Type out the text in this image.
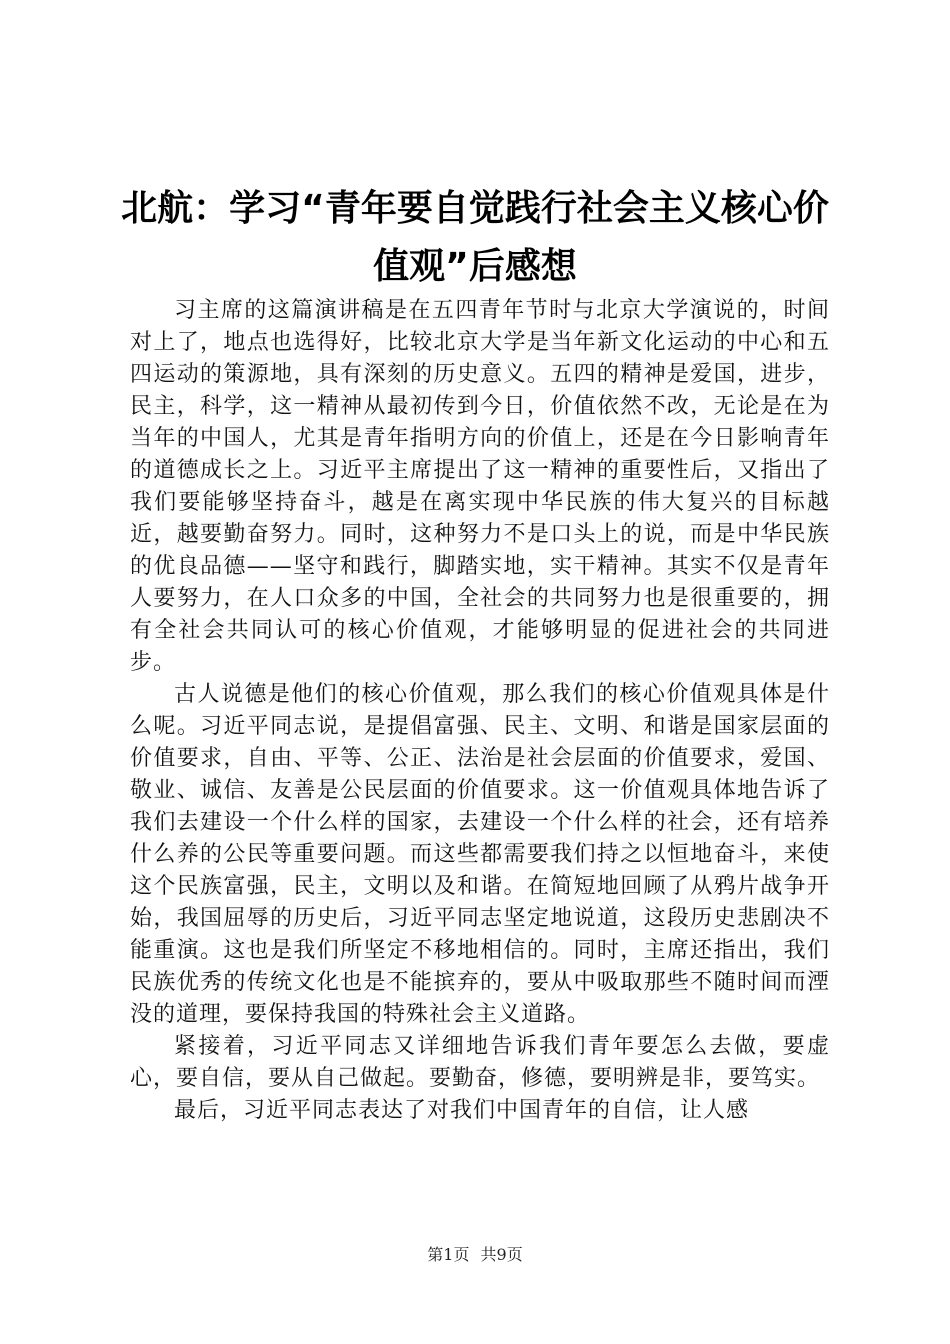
北航：学习“青年要自觉践行社会主义核心价值观”后感想

习主席的这篇演讲稿是在五四青年节时与北京大学演说的，时间对上了，地点也选得好，比较北京大学是当年新文化运动的中心和五四运动的策源地，具有深刻的历史意义。五四的精神是爱国，进步，民主，科学，这一精神从最初传到今日，价值依然不改，无论是在为当年的中国人，尤其是青年指明方向的价值上，还是在今日影响青年的道德成长之上。习近平主席提出了这一精神的重要性后，又指出了我们要能够坚持奋斗，越是在离实现中华民族的伟大复兴的目标越近，越要勤奋努力。同时，这种努力不是口头上的说，而是中华民族的优良品德——坚守和践行，脚踏实地，实干精神。其实不仅是青年人要努力，在人口众多的中国，全社会的共同努力也是很重要的，拥有全社会共同认可的核心价值观，才能够明显的促进社会的共同进步。

古人说德是他们的核心价值观，那么我们的核心价值观具体是什么呢。习近平同志说，是提倡富强、民主、文明、和谐是国家层面的价值要求，自由、平等、公正、法治是社会层面的价值要求，爱国、敬业、诚信、友善是公民层面的价值要求。这一价值观具体地告诉了我们去建设一个什么样的国家，去建设一个什么样的社会，还有培养什么养的公民等重要问题。而这些都需要我们持之以恒地奋斗，来使这个民族富强，民主，文明以及和谐。在简短地回顾了从鸦片战争开始，我国屈辱的历史后，习近平同志坚定地说道，这段历史悲剧决不能重演。这也是我们所坚定不移地相信的。同时，主席还指出，我们民族优秀的传统文化也是不能摈弃的，要从中吸取那些不随时间而湮没的道理，要保持我国的特殊社会主义道路。

紧接着，习近平同志又详细地告诉我们青年要怎么去做，要虚心，要自信，要从自己做起。要勤奋，修德，要明辨是非，要笃实。

最后，习近平同志表达了对我们中国青年的自信，让人感

第1页 共9页
